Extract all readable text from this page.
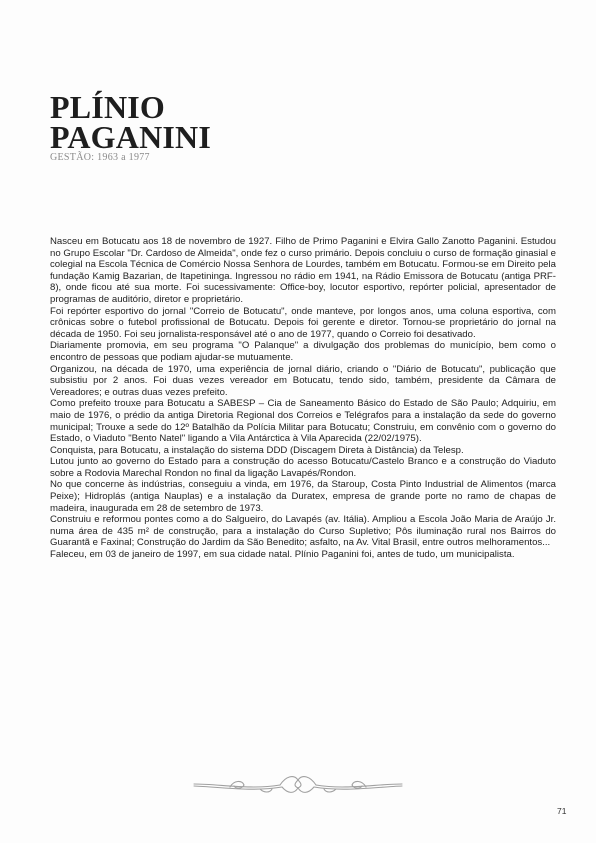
PLÍNIO
PAGANINI

GESTÃO: 1963 a 1977

Nasceu em Botucatu aos 18 de novembro de 1927. Filho de Primo Paganini e Elvira Gallo Zanotto Paganini. Estudou no Grupo Escolar "Dr. Cardoso de Almeida", onde fez o curso primário. Depois concluiu o curso de formação ginasial e colegial na Escola Técnica de Comércio Nossa Senhora de Lourdes, também em Botucatu. Formou-se em Direito pela fundação Kamig Bazarian, de Itapetininga. Ingressou no rádio em 1941, na Rádio Emissora de Botucatu (antiga PRF-8), onde ficou até sua morte. Foi sucessivamente: Office-boy, locutor esportivo, repórter policial, apresentador de programas de auditório, diretor e proprietário.

Foi repórter esportivo do jornal "Correio de Botucatu", onde manteve, por longos anos, uma coluna esportiva, com crônicas sobre o futebol profissional de Botucatu. Depois foi gerente e diretor. Tornou-se proprietário do jornal na década de 1950. Foi seu jornalista-responsável até o ano de 1977, quando o Correio foi desativado.

Diariamente promovia, em seu programa "O Palanque" a divulgação dos problemas do município, bem como o encontro de pessoas que podiam ajudar-se mutuamente.

Organizou, na década de 1970, uma experiência de jornal diário, criando o "Diário de Botucatu", publicação que subsistiu por 2 anos. Foi duas vezes vereador em Botucatu, tendo sido, também, presidente da Câmara de Vereadores; e outras duas vezes prefeito.

Como prefeito trouxe para Botucatu a SABESP – Cia de Saneamento Básico do Estado de São Paulo; Adquiriu, em maio de 1976, o prédio da antiga Diretoria Regional dos Correios e Telégrafos para a instalação da sede do governo municipal; Trouxe a sede do 12º Batalhão da Polícia Militar para Botucatu; Construiu, em convênio com o governo do Estado, o Viaduto "Bento Natel" ligando a Vila Antárctica à Vila Aparecida (22/02/1975).

Conquista, para Botucatu, a instalação do sistema DDD (Discagem Direta à Distância) da Telesp.

Lutou junto ao governo do Estado para a construção do acesso Botucatu/Castelo Branco e a construção do Viaduto sobre a Rodovia Marechal Rondon no final da ligação Lavapés/Rondon.

No que concerne às indústrias, conseguiu a vinda, em 1976, da Staroup, Costa Pinto Industrial de Alimentos (marca Peixe); Hidroplás (antiga Nauplas) e a instalação da Duratex, empresa de grande porte no ramo de chapas de madeira, inaugurada em 28 de setembro de 1973.

Construiu e reformou pontes como a do Salgueiro, do Lavapés (av. Itália). Ampliou a Escola João Maria de Araújo Jr. numa área de 435 m² de construção, para a instalação do Curso Supletivo; Pôs iluminação rural nos Bairros do Guarantã e Faxinal; Construção do Jardim da São Benedito; asfalto, na Av. Vital Brasil, entre outros melhoramentos...

Faleceu, em 03 de janeiro de 1997, em sua cidade natal. Plínio Paganini foi, antes de tudo, um municipalista.

71
